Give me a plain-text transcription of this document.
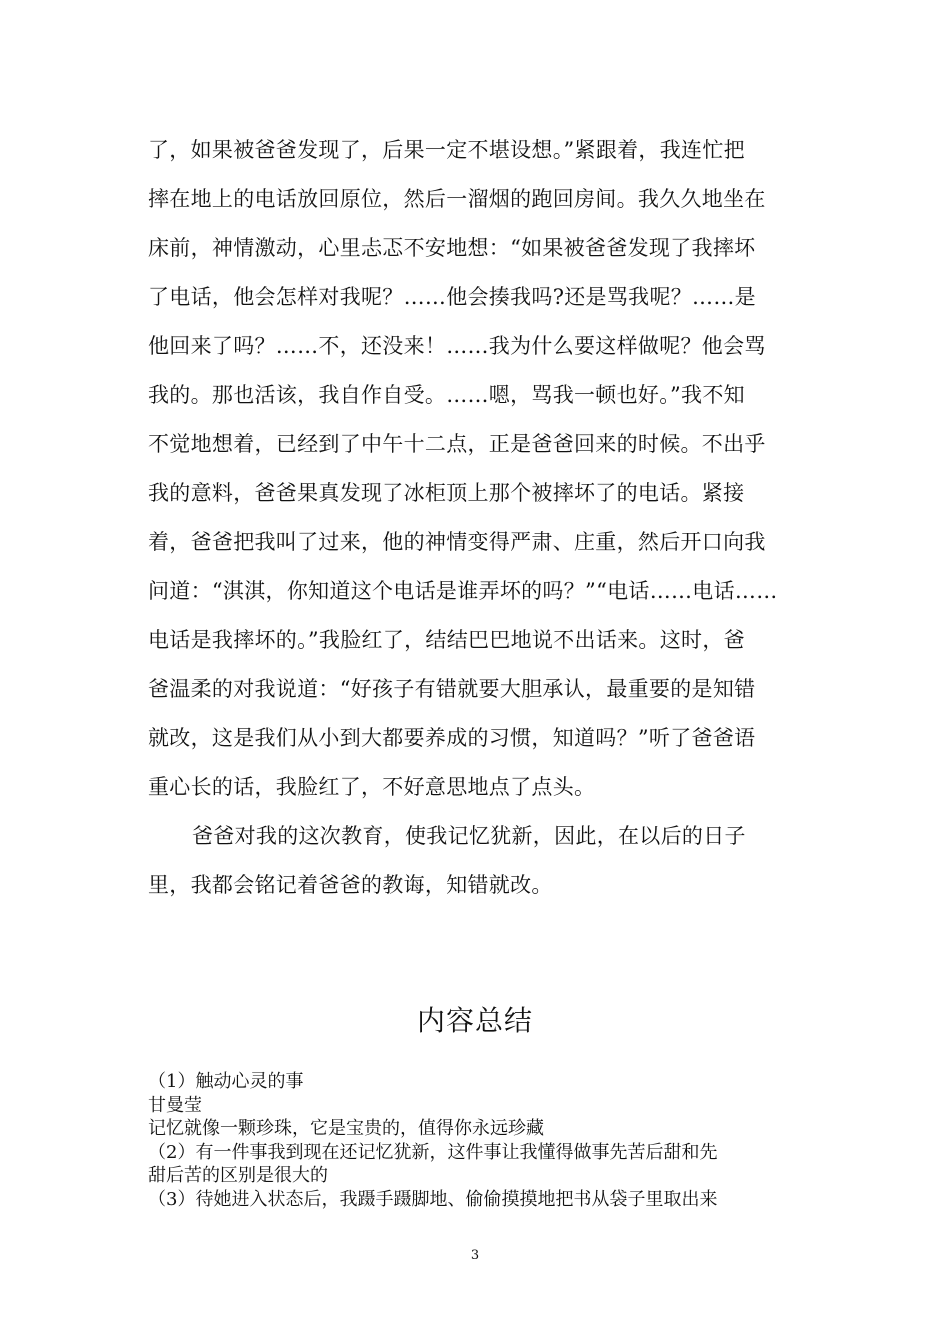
了，如果被爸爸发现了，后果一定不堪设想。”紧跟着，我连忙把
摔在地上的电话放回原位，然后一溜烟的跑回房间。我久久地坐在
床前，神情激动，心里忐忑不安地想：“如果被爸爸发现了我摔坏
了电话，他会怎样对我呢？……他会揍我吗?还是骂我呢？……是
他回来了吗？……不，还没来！……我为什么要这样做呢？他会骂
我的。那也活该，我自作自受。……嗯，骂我一顿也好。”我不知
不觉地想着，已经到了中午十二点，正是爸爸回来的时候。不出乎
我的意料，爸爸果真发现了冰柜顶上那个被摔坏了的电话。紧接
着，爸爸把我叫了过来，他的神情变得严肃、庄重，然后开口向我
问道：“淇淇，你知道这个电话是谁弄坏的吗？”“电话……电话……
电话是我摔坏的。”我脸红了，结结巴巴地说不出话来。这时，爸
爸温柔的对我说道：“好孩子有错就要大胆承认，最重要的是知错
就改，这是我们从小到大都要养成的习惯，知道吗？”听了爸爸语
重心长的话，我脸红了，不好意思地点了点头。
爸爸对我的这次教育，使我记忆犹新，因此，在以后的日子
里，我都会铭记着爸爸的教诲，知错就改。
内容总结
（1）触动心灵的事
甘曼莹
记忆就像一颗珍珠，它是宝贵的，值得你永远珍藏
（2）有一件事我到现在还记忆犹新，这件事让我懂得做事先苦后甜和先
甜后苦的区别是很大的
（3）待她进入状态后，我蹑手蹑脚地、偷偷摸摸地把书从袋子里取出来
3
